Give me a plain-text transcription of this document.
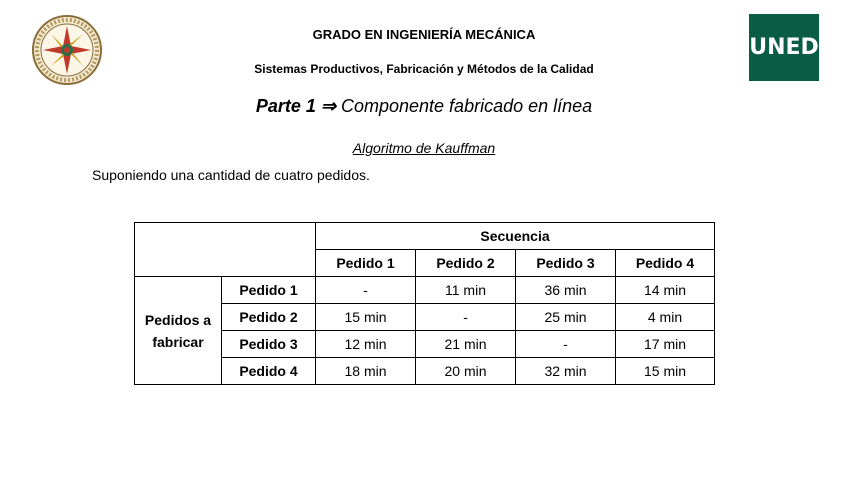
UNED
GRADO EN INGENIERÍA MECÁNICA
Sistemas Productivos, Fabricación y Métodos de la Calidad
Parte 1 ⇒ Componente fabricado en línea
Algoritmo de Kauffman
Suponiendo una cantidad de cuatro pedidos.
		Secuencia			
		Pedido 1	Pedido 2	Pedido 3	Pedido 4
Pedidos a
fabricar	Pedido 1	-	11 min	36 min	14 min
	Pedido 2	15 min	-	25 min	4 min
	Pedido 3	12 min	21 min	-	17 min
	Pedido 4	18 min	20 min	32 min	15 min
